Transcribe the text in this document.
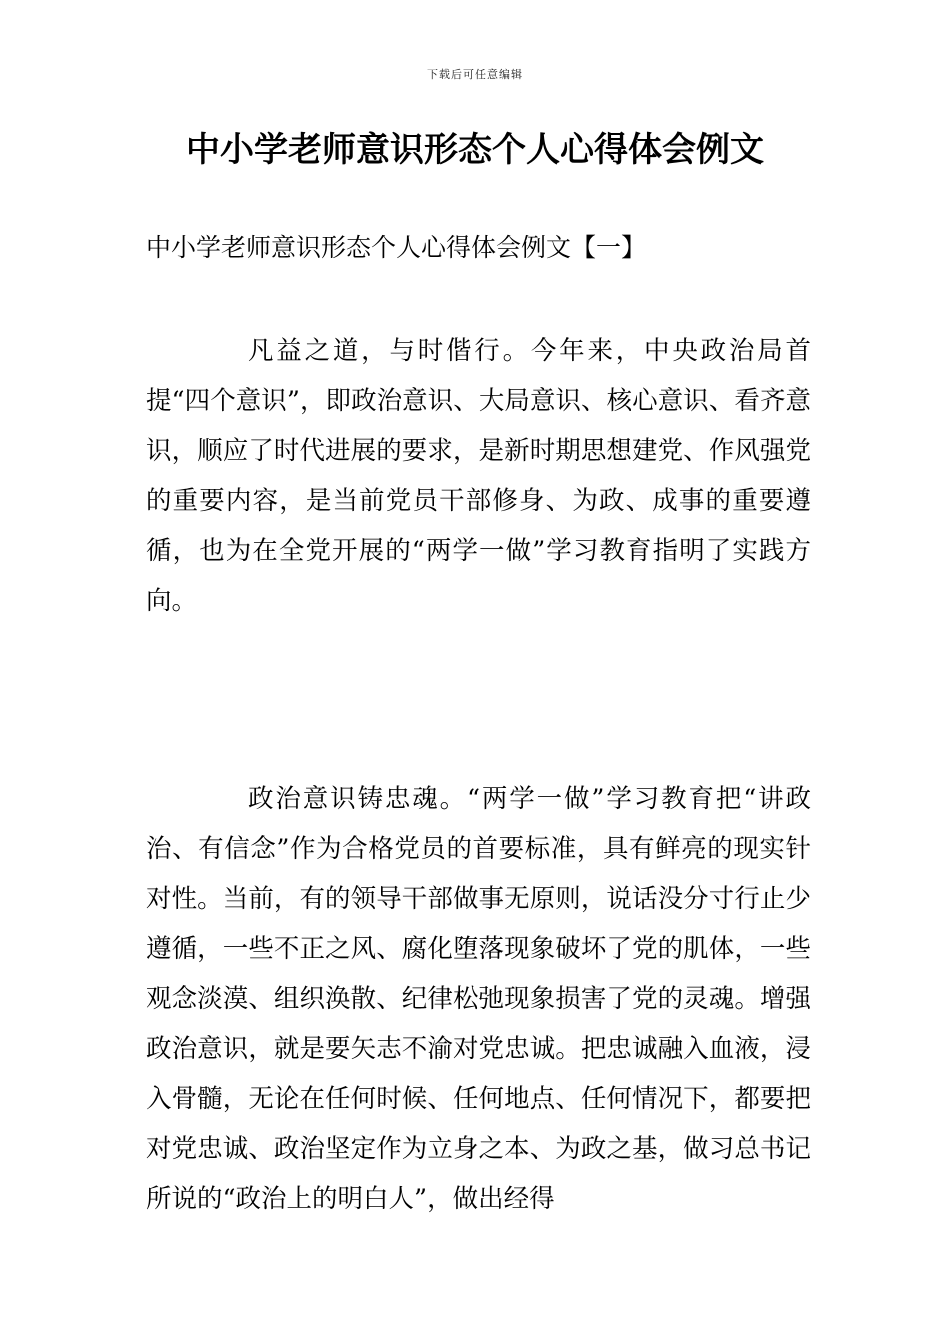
下载后可任意编辑
中小学老师意识形态个人心得体会例文
中小学老师意识形态个人心得体会例文【一】

凡益之道，与时偕行。今年来，中央政治局首提“四个意识”，即政治意识、大局意识、核心意识、看齐意识，顺应了时代进展的要求，是新时期思想建党、作风强党的重要内容，是当前党员干部修身、为政、成事的重要遵循，也为在全党开展的“两学一做”学习教育指明了实践方向。

政治意识铸忠魂。“两学一做”学习教育把“讲政治、有信念”作为合格党员的首要标准，具有鲜亮的现实针对性。当前，有的领导干部做事无原则，说话没分寸行止少遵循，一些不正之风、腐化堕落现象破坏了党的肌体，一些观念淡漠、组织涣散、纪律松弛现象损害了党的灵魂。增强政治意识，就是要矢志不渝对党忠诚。把忠诚融入血液，浸入骨髓，无论在任何时候、任何地点、任何情况下，都要把对党忠诚、政治坚定作为立身之本、为政之基，做习总书记所说的“政治上的明白人”，做出经得
